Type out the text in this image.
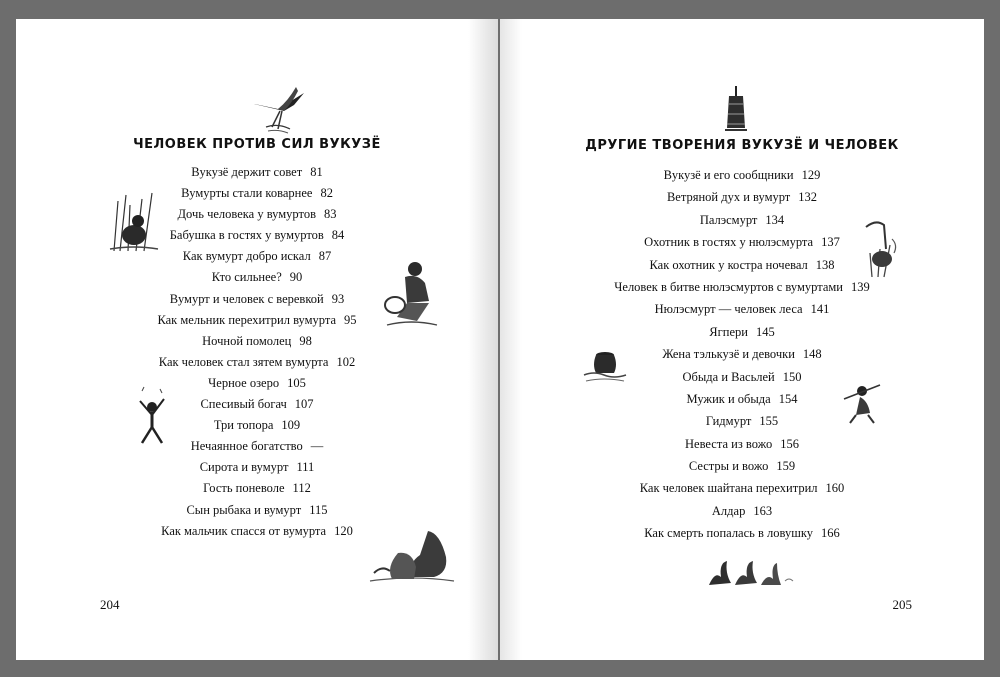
ЧЕЛОВЕК ПРОТИВ СИЛ ВУКУЗЁ
Вукузё держит совет 81
Вумурты стали коварнее 82
Дочь человека у вумуртов 83
Бабушка в гостях у вумуртов 84
Как вумурт добро искал 87
Кто сильнее? 90
Вумурт и человек с веревкой 93
Как мельник перехитрил вумурта 95
Ночной помолец 98
Как человек стал зятем вумурта 102
Черное озеро 105
Спесивый богач 107
Три топора 109
Нечаянное богатство —
Сирота и вумурт 111
Гость поневоле 112
Сын рыбака и вумурт 115
Как мальчик спасся от вумурта 120
204
ДРУГИЕ ТВОРЕНИЯ ВУКУЗЁ И ЧЕЛОВЕК
Вукузё и его сообщники 129
Ветряной дух и вумурт 132
Палэсмурт 134
Охотник в гостях у нюлэсмурта 137
Как охотник у костра ночевал 138
Человек в битве нюлэсмуртов с вумуртами 139
Нюлэсмурт — человек леса 141
Ягпери 145
Жена тэлькузё и девочки 148
Обыда и Васьлей 150
Мужик и обыда 154
Гидмурт 155
Невеста из вожо 156
Сестры и вожо 159
Как человек шайтана перехитрил 160
Алдар 163
Как смерть попалась в ловушку 166
205
